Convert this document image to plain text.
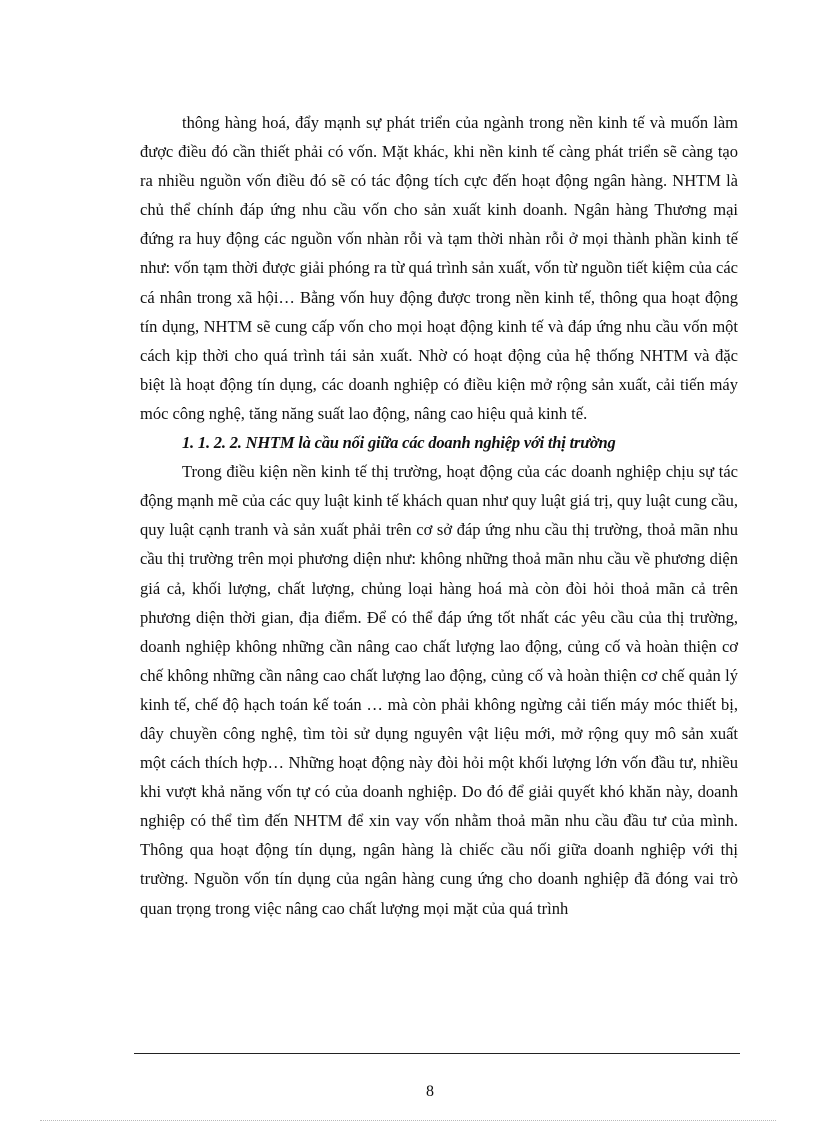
thông hàng hoá, đẩy mạnh sự phát triển của ngành trong nền kinh tế và muốn làm được điều đó cần thiết phải có vốn. Mặt khác, khi nền kinh tế càng phát triển sẽ càng tạo ra nhiều nguồn vốn điều đó sẽ có tác động tích cực đến hoạt động ngân hàng. NHTM là chủ thể chính đáp ứng nhu cầu vốn cho sản xuất kinh doanh. Ngân hàng Thương mại đứng ra huy động các nguồn vốn nhàn rỗi và tạm thời nhàn rỗi ở mọi thành phần kinh tế như: vốn tạm thời được giải phóng ra từ quá trình sản xuất, vốn từ nguồn tiết kiệm của các cá nhân trong xã hội… Bằng vốn huy động được trong nền kinh tế, thông qua hoạt động tín dụng, NHTM sẽ cung cấp vốn cho mọi hoạt động kinh tế và đáp ứng nhu cầu vốn một cách kịp thời cho quá trình tái sản xuất. Nhờ có hoạt động của hệ thống NHTM và đặc biệt là hoạt động tín dụng, các doanh nghiệp có điều kiện mở rộng sản xuất, cải tiến máy móc công nghệ, tăng năng suất lao động, nâng cao hiệu quả kinh tế.

1. 1. 2. 2. NHTM là cầu nối giữa các doanh nghiệp với thị trường

Trong điều kiện nền kinh tế thị trường, hoạt động của các doanh nghiệp chịu sự tác động mạnh mẽ của các quy luật kinh tế khách quan như quy luật giá trị, quy luật cung cầu, quy luật cạnh tranh và sản xuất phải trên cơ sở đáp ứng nhu cầu thị trường, thoả mãn nhu cầu thị trường trên mọi phương diện như: không những thoả mãn nhu cầu về phương diện giá cả, khối lượng, chất lượng, chủng loại hàng hoá mà còn đòi hỏi thoả mãn cả trên phương diện thời gian, địa điểm. Để có thể đáp ứng tốt nhất các yêu cầu của thị trường, doanh nghiệp không những cần nâng cao chất lượng lao động, củng cố và hoàn thiện cơ chế không những cần nâng cao chất lượng lao động, củng cố và hoàn thiện cơ chế quản lý kinh tế, chế độ hạch toán kế toán … mà còn phải không ngừng cải tiến máy móc thiết bị, dây chuyền công nghệ, tìm tòi sử dụng nguyên vật liệu mới, mở rộng quy mô sản xuất một cách thích hợp… Những hoạt động này đòi hỏi một khối lượng lớn vốn đầu tư, nhiều khi vượt khả năng vốn tự có của doanh nghiệp. Do đó để giải quyết khó khăn này, doanh nghiệp có thể tìm đến NHTM để xin vay vốn nhằm thoả mãn nhu cầu đầu tư của mình. Thông qua hoạt động tín dụng, ngân hàng là chiếc cầu nối giữa doanh nghiệp với thị trường. Nguồn vốn tín dụng của ngân hàng cung ứng cho doanh nghiệp đã đóng vai trò quan trọng trong việc nâng cao chất lượng mọi mặt của quá trình

8
